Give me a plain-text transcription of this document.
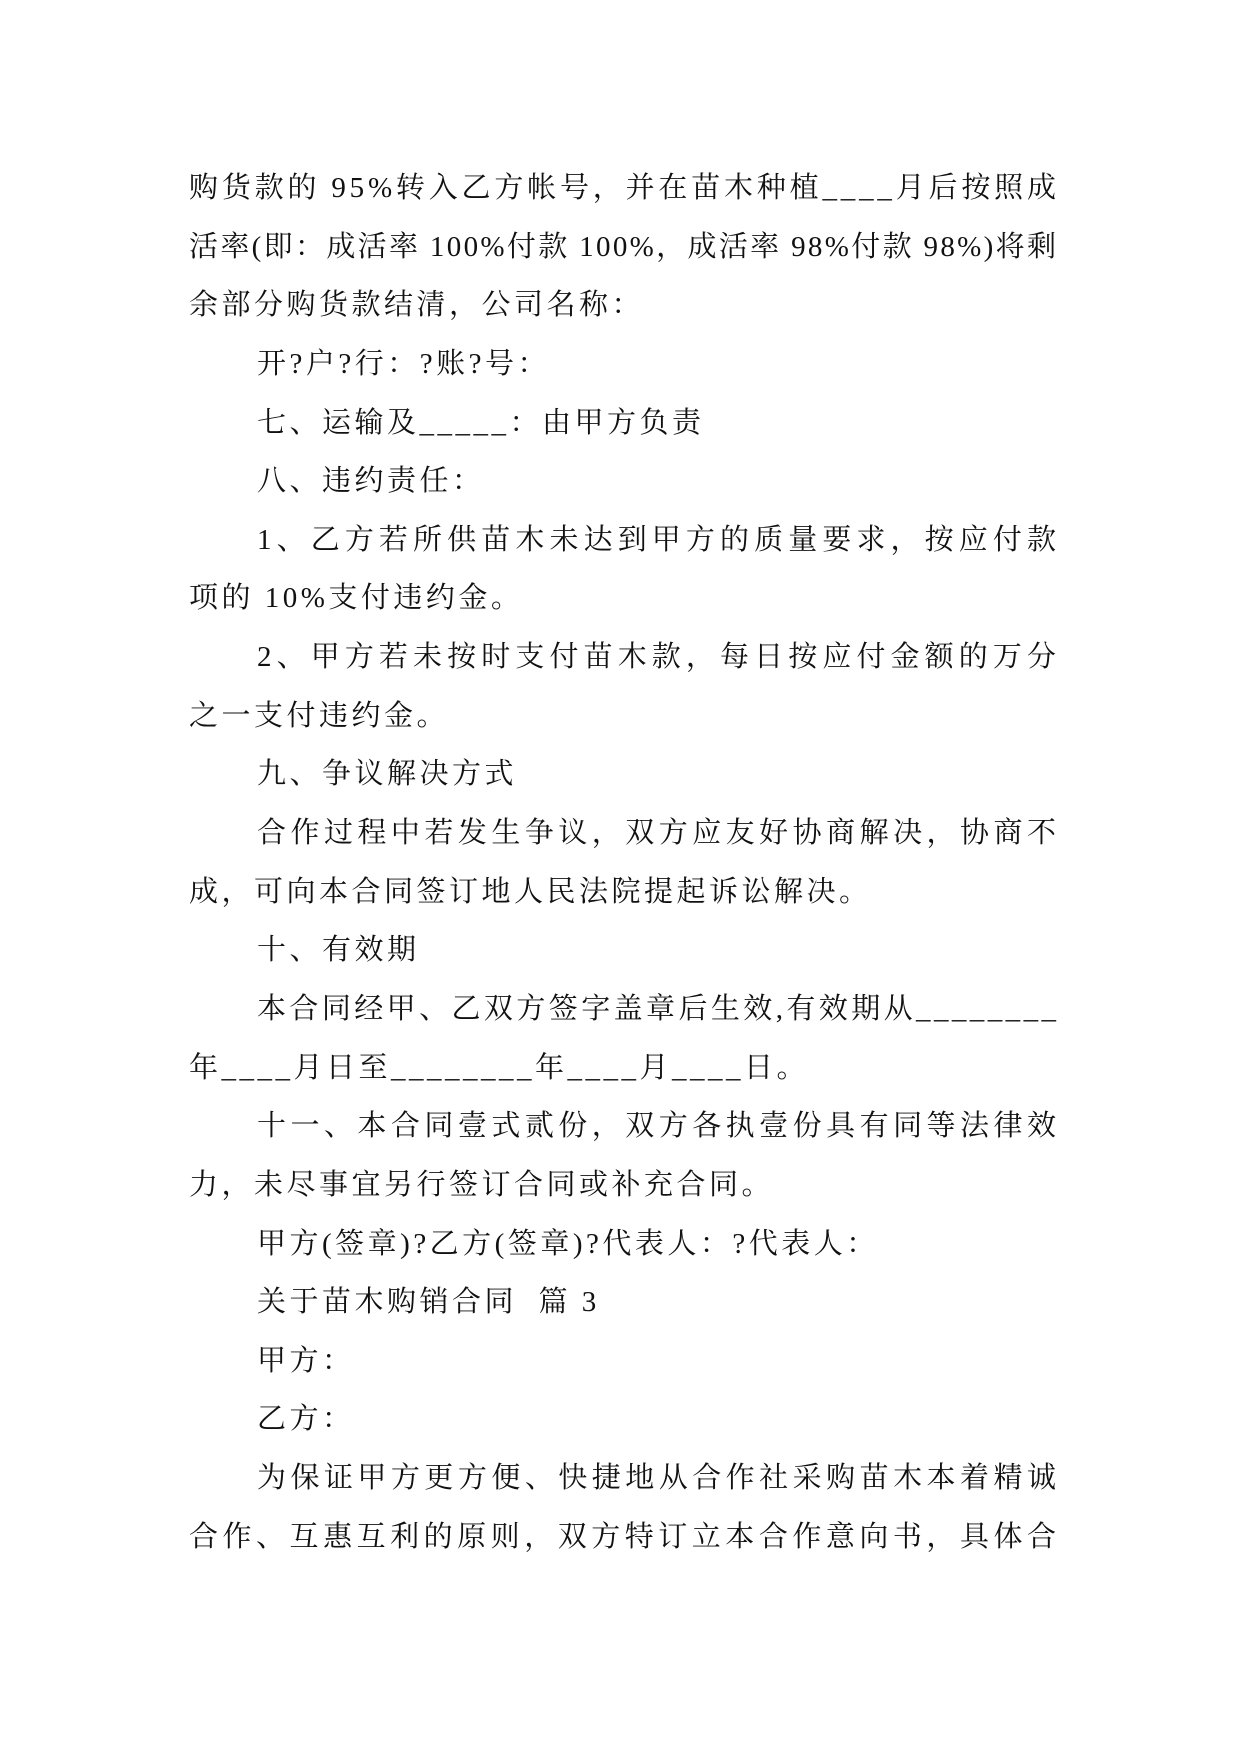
购货款的 95%转入乙方帐号，并在苗木种植____月后按照成
活率(即：成活率 100%付款 100%，成活率 98%付款 98%)将剩
余部分购货款结清，公司名称：
开?户?行：?账?号：
七、运输及_____：由甲方负责
八、违约责任：
1、乙方若所供苗木未达到甲方的质量要求，按应付款
项的 10%支付违约金。
2、甲方若未按时支付苗木款，每日按应付金额的万分
之一支付违约金。
九、争议解决方式
合作过程中若发生争议，双方应友好协商解决，协商不
成，可向本合同签订地人民法院提起诉讼解决。
十、有效期
本合同经甲、乙双方签字盖章后生效,有效期从________
年____月日至________年____月____日。
十一、本合同壹式贰份，双方各执壹份具有同等法律效
力，未尽事宜另行签订合同或补充合同。
甲方(签章)?乙方(签章)?代表人：?代表人：
关于苗木购销合同  篇 3
甲方：
乙方：
为保证甲方更方便、快捷地从合作社采购苗木本着精诚
合作、互惠互利的原则，双方特订立本合作意向书，具体合
